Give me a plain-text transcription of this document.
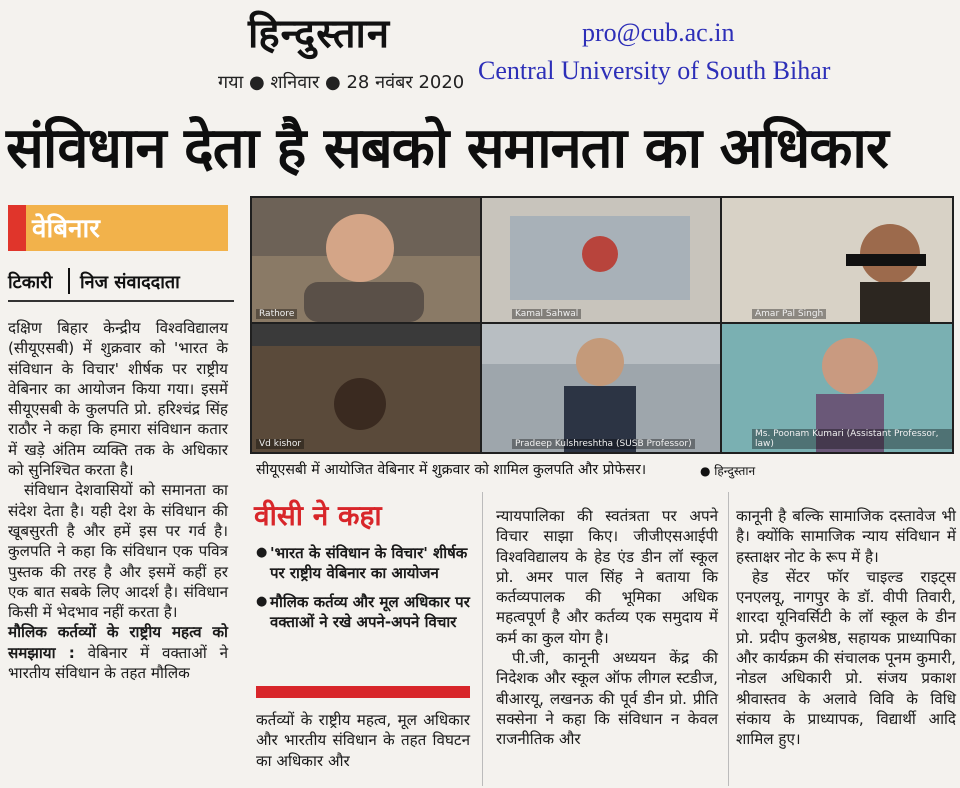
हिन्दुस्तान
गया ● शनिवार ● 28 नवंबर 2020
pro@cub.ac.in
Central University of South Bihar
संविधान देता है सबको समानता का अधिकार
वेबिनार
टिकारी निज संवाददाता

दक्षिण बिहार केन्द्रीय विश्वविद्यालय (सीयूएसबी) में शुक्रवार को 'भारत के संविधान के विचार' शीर्षक पर राष्ट्रीय वेबिनार का आयोजन किया गया। इसमें सीयूएसबी के कुलपति प्रो. हरिश्चंद्र सिंह राठौर ने कहा कि हमारा संविधान कतार में खड़े अंतिम व्यक्ति तक के अधिकार को सुनिश्चित करता है।

संविधान देशवासियों को समानता का संदेश देता है। यही देश के संविधान की खूबसुरती है और हमें इस पर गर्व है। कुलपति ने कहा कि संविधान एक पवित्र पुस्तक की तरह है और इसमें कहीं हर एक बात सबके लिए आदर्श है। संविधान किसी में भेदभाव नहीं करता है।

मौलिक कर्तव्यों के राष्ट्रीय महत्व को समझाया : वेबिनार में वक्ताओं ने भारतीय संविधान के तहत मौलिक

Rathore	Kamal Sahwal	Amar Pal Singh
Vd kishor	Pradeep Kulshreshtha (SUSB Professor)
Ms. Poonam Kumari (Assistant Professor, law)
सीयूएसबी में आयोजित वेबिनार में शुक्रवार को शामिल कुलपति और प्रोफेसर।	● हिन्दुस्तान
वीसी ने कहा
● 'भारत के संविधान के विचार' शीर्षक पर राष्ट्रीय वेबिनार का आयोजन
● मौलिक कर्तव्य और मूल अधिकार पर वक्ताओं ने रखे अपने-अपने विचार

कर्तव्यों के राष्ट्रीय महत्व, मूल अधिकार और भारतीय संविधान के तहत विघटन का अधिकार और

न्यायपालिका की स्वतंत्रता पर अपने विचार साझा किए। जीजीएसआईपी विश्वविद्यालय के हेड एंड डीन लॉ स्कूल प्रो. अमर पाल सिंह ने बताया कि कर्तव्यपालक की भूमिका अधिक महत्वपूर्ण है और कर्तव्य एक समुदाय में कर्म का कुल योग है।

पी.जी, कानूनी अध्ययन केंद्र की निदेशक और स्कूल ऑफ लीगल स्टडीज, बीआरयू, लखनऊ की पूर्व डीन प्रो. प्रीति सक्सेना ने कहा कि संविधान न केवल राजनीतिक और

कानूनी है बल्कि सामाजिक दस्तावेज भी है। क्योंकि सामाजिक न्याय संविधान में हस्ताक्षर नोट के रूप में है।

हेड सेंटर फॉर चाइल्ड राइट्स एनएलयू, नागपुर के डॉ. वीपी तिवारी, शारदा यूनिवर्सिटी के लॉ स्कूल के डीन प्रो. प्रदीप कुलश्रेष्ठ, सहायक प्राध्यापिका और कार्यक्रम की संचालक पूनम कुमारी, नोडल अधिकारी प्रो. संजय प्रकाश श्रीवास्तव के अलावे विवि के विधि संकाय के प्राध्यापक, विद्यार्थी आदि शामिल हुए।
